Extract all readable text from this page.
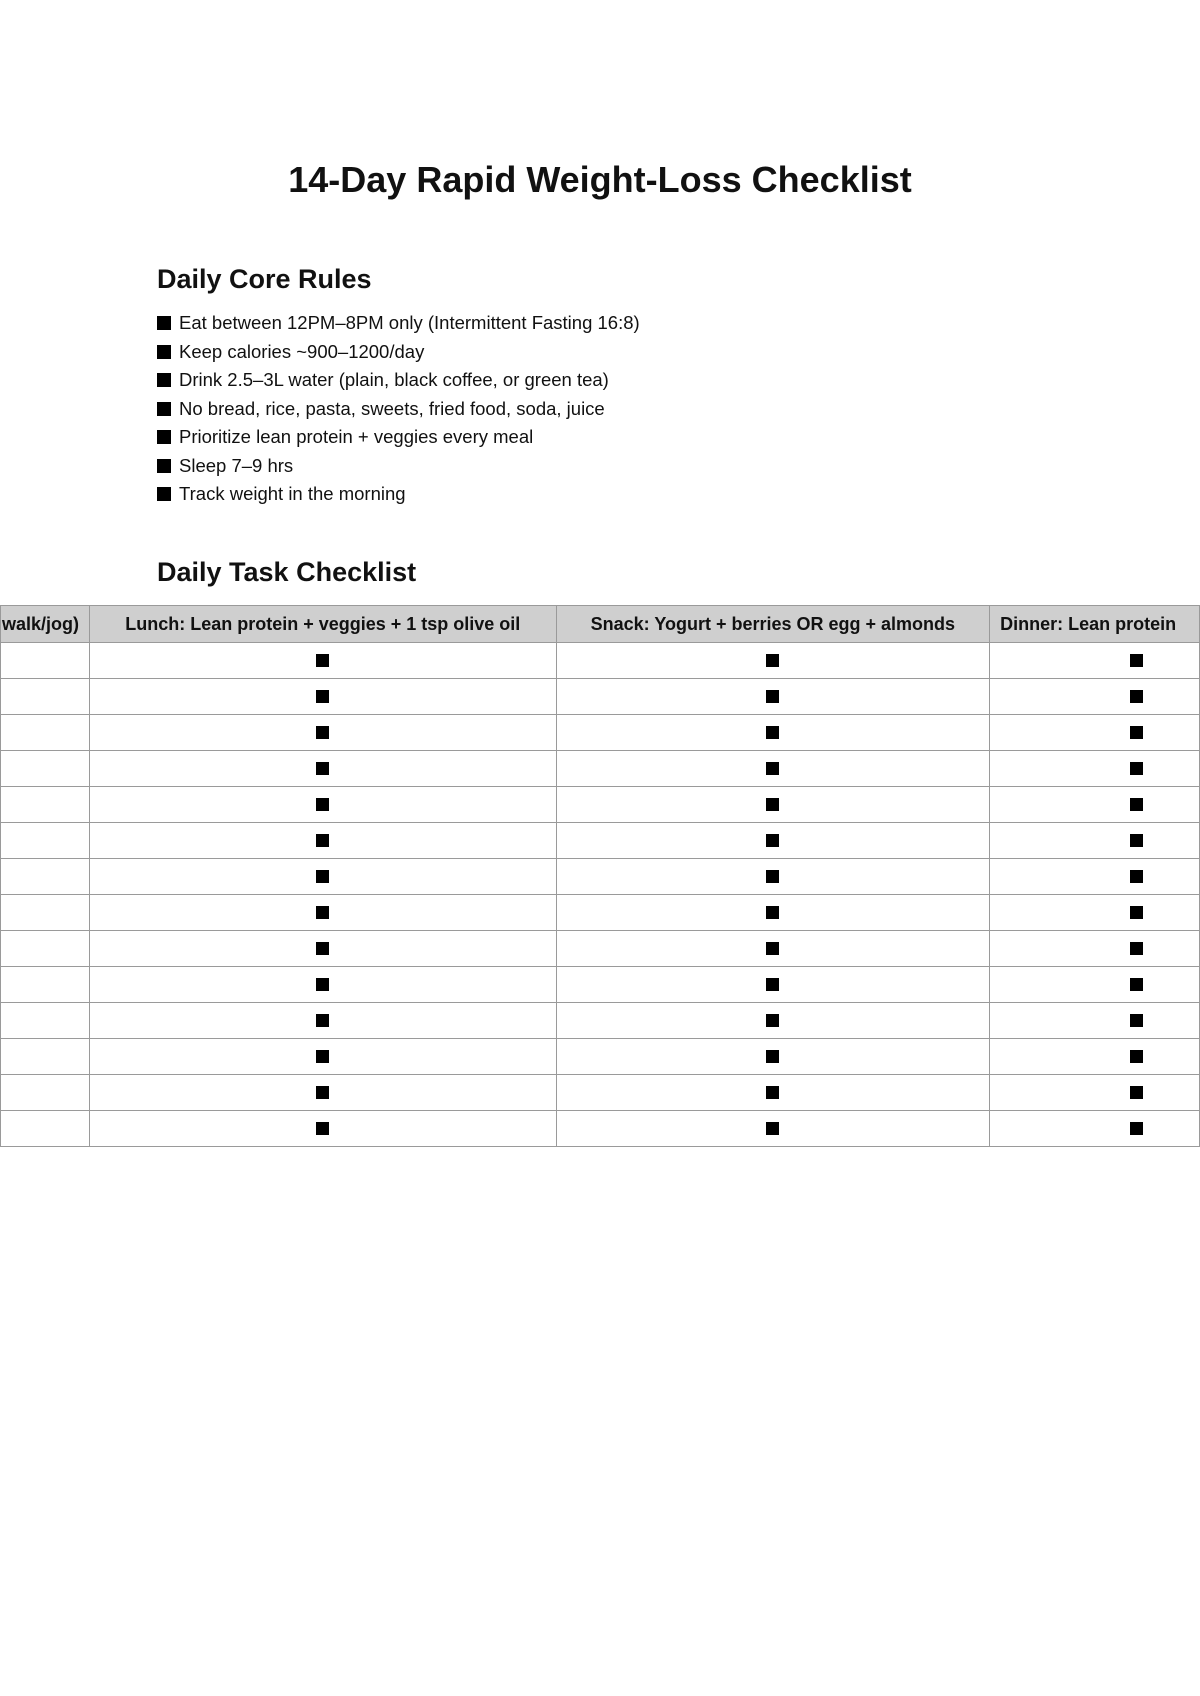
14-Day Rapid Weight-Loss Checklist
Daily Core Rules
Eat between 12PM–8PM only (Intermittent Fasting 16:8)
Keep calories ~900–1200/day
Drink 2.5–3L water (plain, black coffee, or green tea)
No bread, rice, pasta, sweets, fried food, soda, juice
Prioritize lean protein + veggies every meal
Sleep 7–9 hrs
Track weight in the morning
Daily Task Checklist
walk/jog)	Lunch: Lean protein + veggies + 1 tsp olive oil	Snack: Yogurt + berries OR egg + almonds	Dinner: Lean protein
